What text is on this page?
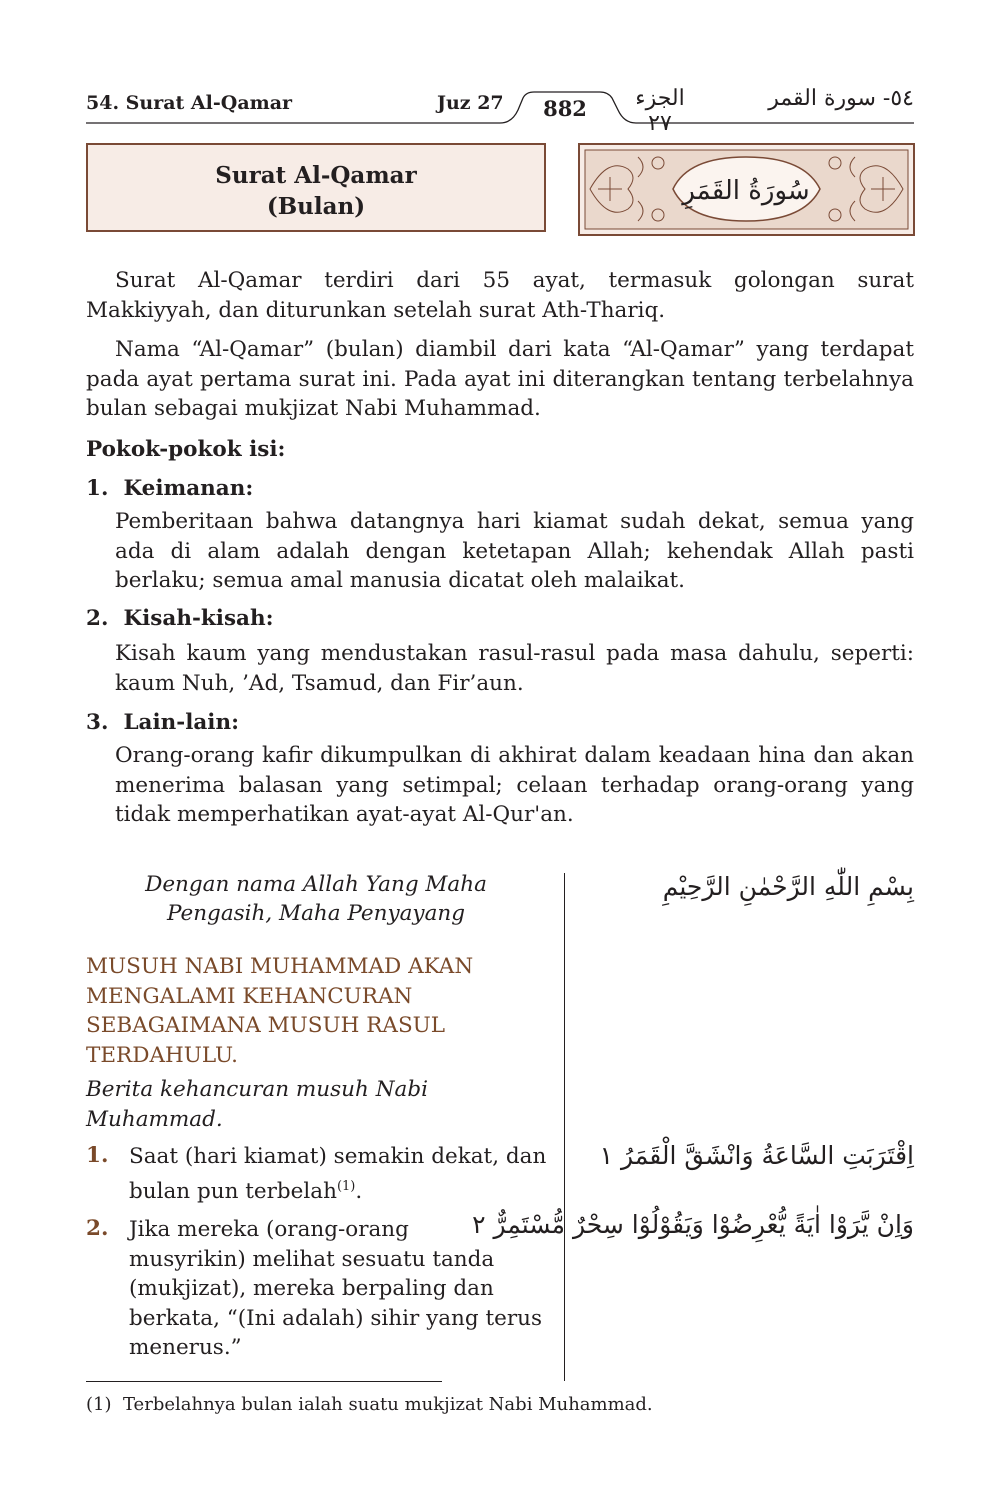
54. Surat Al-Qamar	Juz 27	882	الجزء ٢٧
٥٤- سورة القمر
Surat Al-Qamar
(Bulan)
سُورَةُ القَمَرِ
Surat Al-Qamar terdiri dari 55 ayat, termasuk golongan surat Makkiyyah, dan diturunkan setelah surat Ath-Thariq.
Nama “Al-Qamar” (bulan) diambil dari kata “Al-Qamar” yang terdapat pada ayat pertama surat ini. Pada ayat ini diterangkan tentang terbelahnya bulan sebagai mukjizat Nabi Muhammad.
Pokok-pokok isi:
1. Keimanan:
Pemberitaan bahwa datangnya hari kiamat sudah dekat, semua yang ada di alam adalah dengan ketetapan Allah; kehendak Allah pasti berlaku; semua amal manusia dicatat oleh malaikat.
2. Kisah-kisah:
Kisah kaum yang mendustakan rasul-rasul pada masa dahulu, seperti: kaum Nuh, ’Ad, Tsamud, dan Fir’aun.
3. Lain-lain:
Orang-orang kafir dikumpulkan di akhirat dalam keadaan hina dan akan menerima balasan yang setimpal; celaan terhadap orang-orang yang tidak memperhatikan ayat-ayat Al-Qur'an.
Dengan nama Allah Yang Maha
Pengasih, Maha Penyayang
بِسْمِ اللّٰهِ الرَّحْمٰنِ الرَّحِيْمِ
MUSUH NABI MUHAMMAD AKAN
MENGALAMI KEHANCURAN
SEBAGAIMANA MUSUH RASUL
TERDAHULU.
Berita kehancuran musuh Nabi
Muhammad.
1. Saat (hari kiamat) semakin dekat, dan
bulan pun terbelah$^{(1)}$.
اِقْتَرَبَتِ السَّاعَةُ وَانْشَقَّ الْقَمَرُ ١
2. Jika mereka (orang-orang
musyrikin) melihat sesuatu tanda
(mukjizat), mereka berpaling dan
berkata, “(Ini adalah) sihir yang terus
menerus.”
وَاِنْ يَّرَوْا اٰيَةً يُّعْرِضُوْا وَيَقُوْلُوْا سِحْرٌ مُّسْتَمِرٌّ ٢
(1) Terbelahnya bulan ialah suatu mukjizat Nabi Muhammad.
